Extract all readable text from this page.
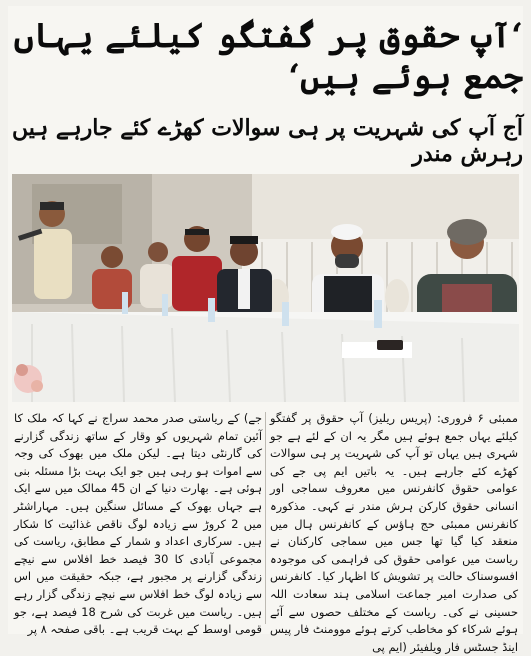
‘آپ حقوق پر گفتگو کیلئے یہاں جمع ہوئے ہیں‘
آج آپ کی شہریت پر ہی سوالات کھڑے کئے جارہے ہیں رہرش مندر
ممبئی ۶ فروری: (پریس ریلیز) آپ حقوق پر گفتگو کیلئے یہاں جمع ہوئے ہیں مگر یہ ان کے لئے ہے جو شہری ہیں یہاں تو آپ کی شہریت پر ہی سوالات کھڑے کئے جارہے ہیں۔ یہ باتیں ایم پی جے کی عوامی حقوق کانفرنس میں معروف سماجی اور انسانی حقوق کارکن ہرش مندر نے کہی۔ مذکورہ کانفرنس ممبئی حج ہاؤس کے کانفرنس ہال میں منعقد کیا گیا تھا جس میں سماجی کارکنان نے ریاست میں عوامی حقوق کی فراہمی کی موجودہ افسوسناک حالت پر تشویش کا اظہار کیا۔ کانفرنس کی صدارت امیر جماعت اسلامی ہند سعادت اللہ حسینی نے کی۔ ریاست کے مختلف حصوں سے آئے ہوئے شرکاء کو مخاطب کرتے ہوئے موومنٹ فار پیس اینڈ جسٹس فار ویلفیئر (ایم پی
جے) کے ریاستی صدر محمد سراج نے کہا کہ ملک کا آئین تمام شہریوں کو وقار کے ساتھ زندگی گزارنے کی گارنٹی دیتا ہے۔ لیکن ملک میں بھوک کی وجہ سے اموات ہو رہی ہیں جو ایک بہت بڑا مسئلہ بنی ہوئی ہے۔ بھارت دنیا کے ان 45 ممالک میں سے ایک ہے جہاں بھوک کے مسائل سنگین ہیں۔ مہاراشٹر میں 2 کروڑ سے زیادہ لوگ ناقص غذائیت کا شکار ہیں۔ سرکاری اعداد و شمار کے مطابق، ریاست کی مجموعی آبادی کا 30 فیصد خط افلاس سے نیچے زندگی گزارنے پر مجبور ہے، جبکہ حقیقت میں اس سے زیادہ لوگ خط افلاس سے نیچے زندگی گزار رہے ہیں۔ ریاست میں غربت کی شرح 18 فیصد ہے، جو قومی اوسط کے بہت قریب ہے۔ باقی صفحہ ۸ پر
